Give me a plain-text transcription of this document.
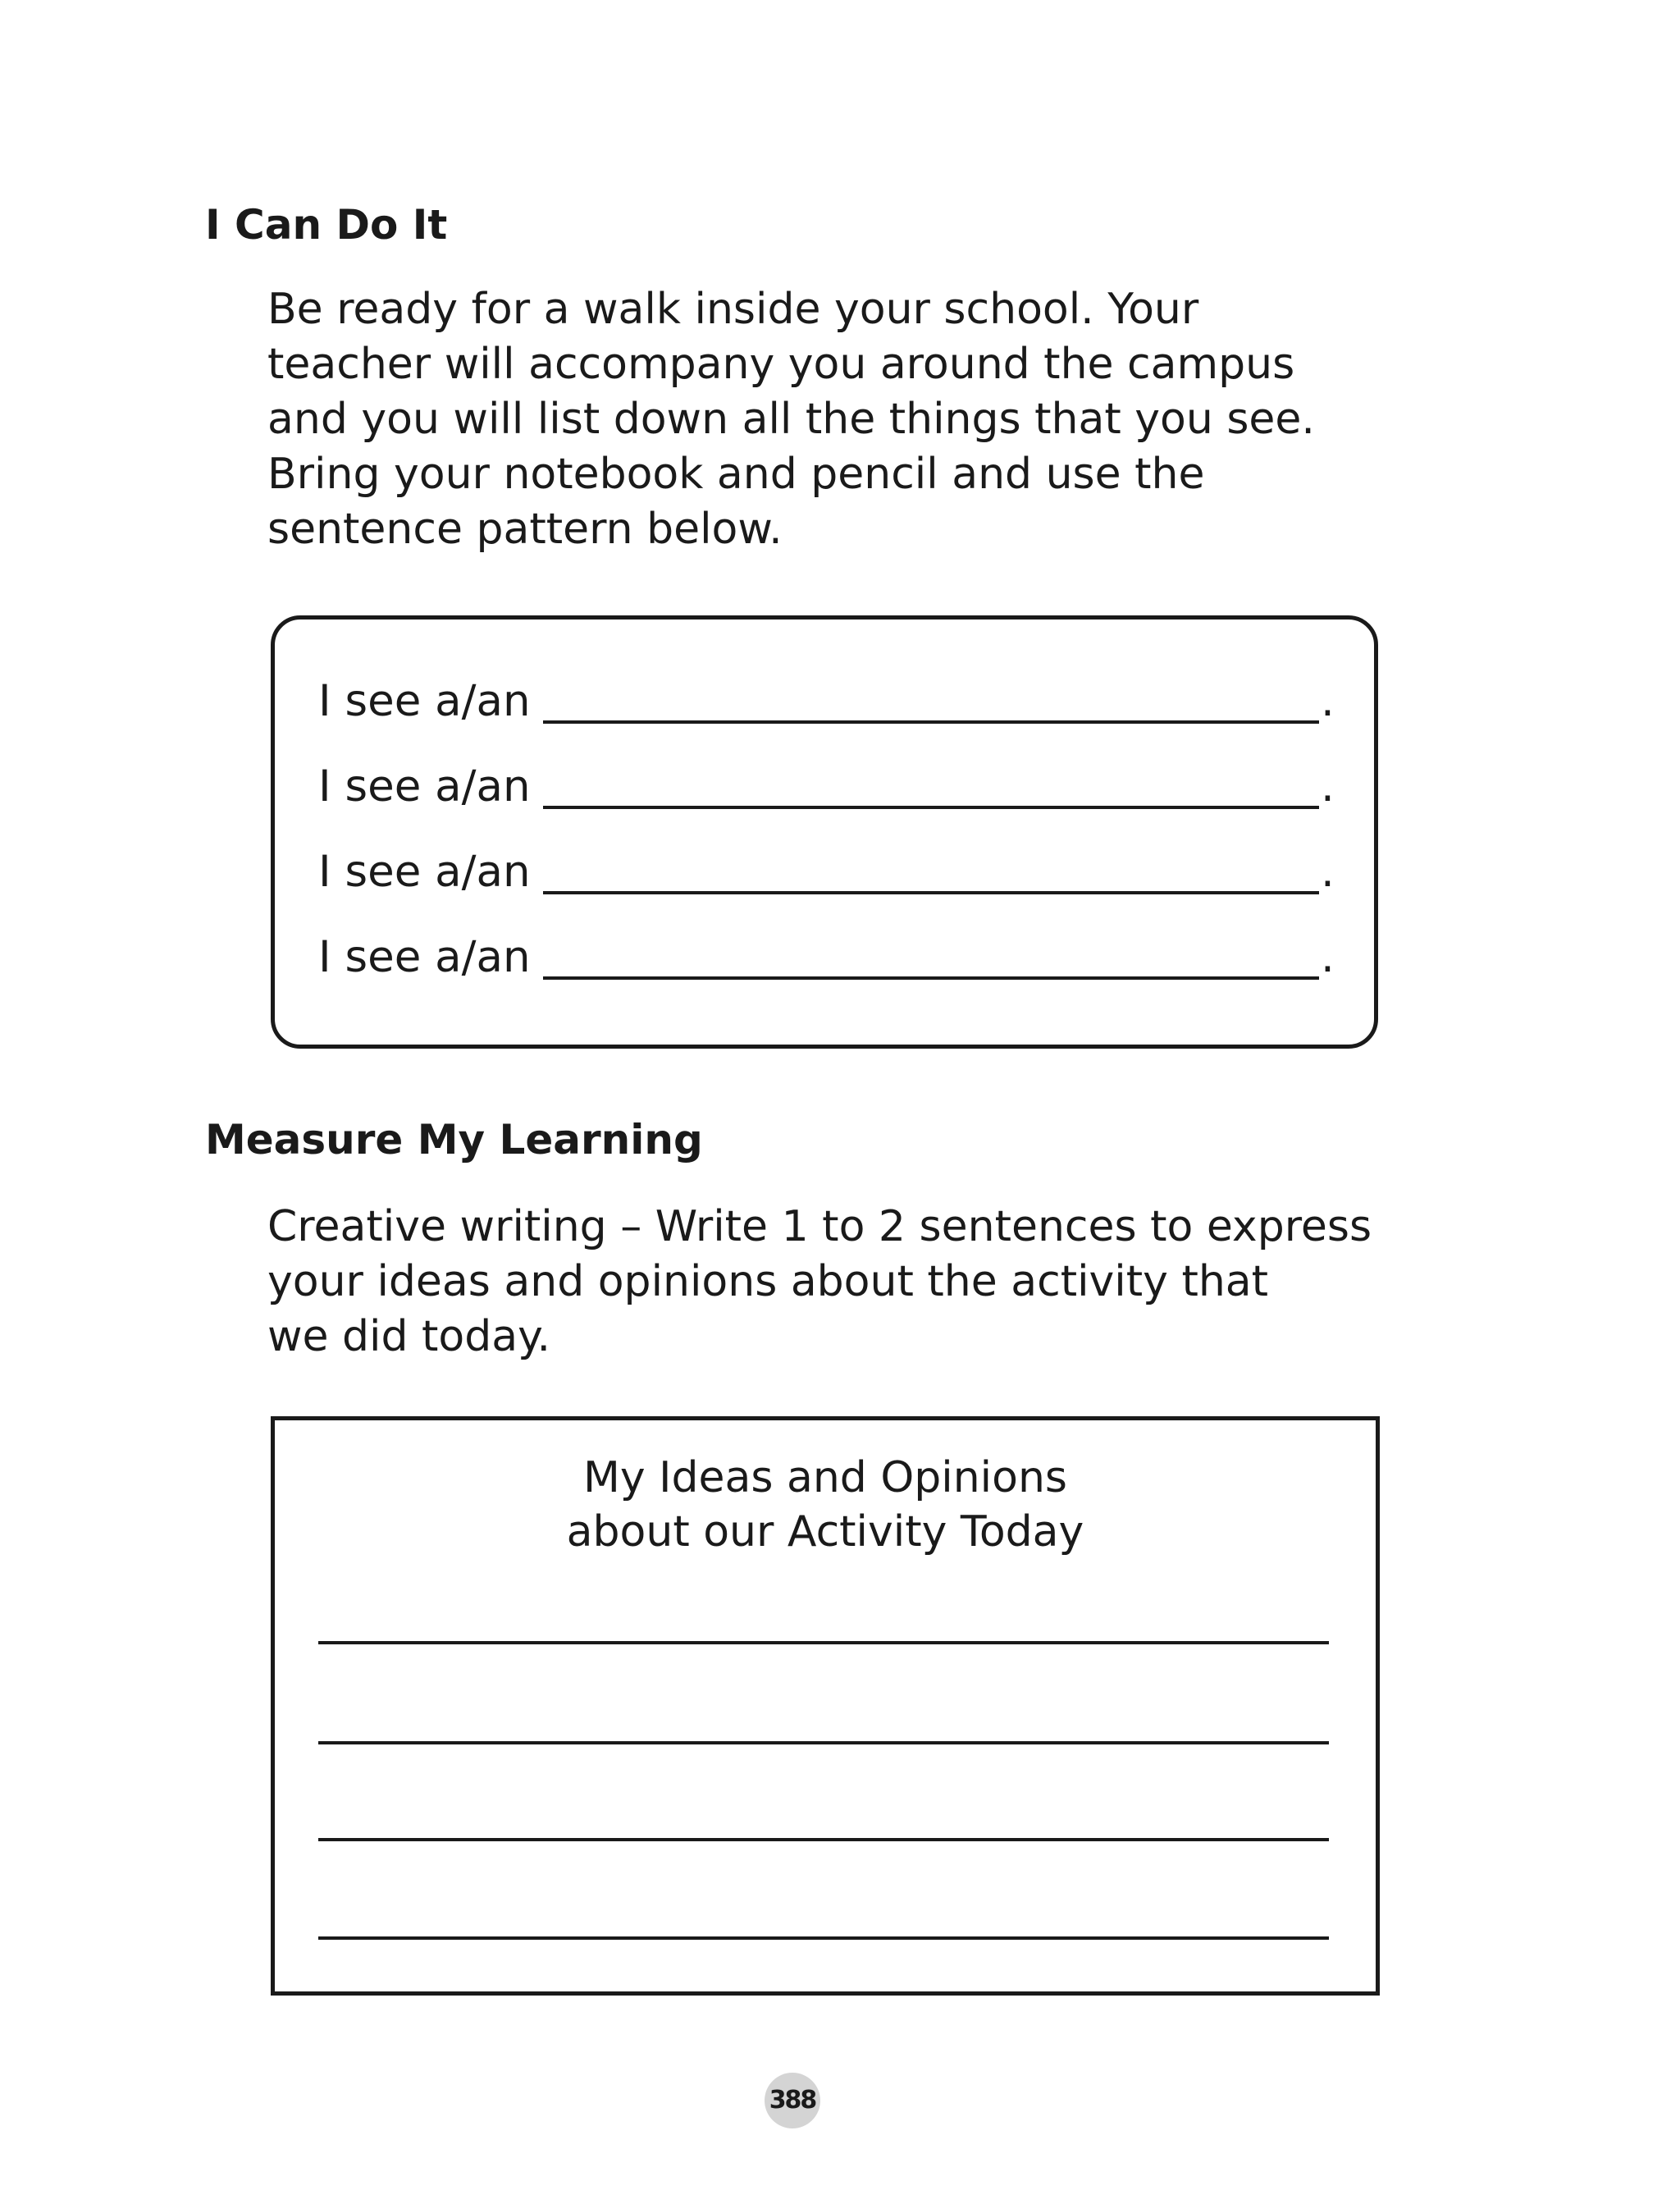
I Can Do It
Be ready for a walk inside your school. Your
teacher will accompany you around the campus
and you will list down all the things that you see.
Bring your notebook and pencil and use the
sentence pattern below.
I see a/an	.
I see a/an	.
I see a/an	.
I see a/an	.
Measure My Learning
Creative writing – Write 1 to 2 sentences to express
your ideas and opinions about the activity that
we did today.
My Ideas and Opinions
about our Activity Today
388
